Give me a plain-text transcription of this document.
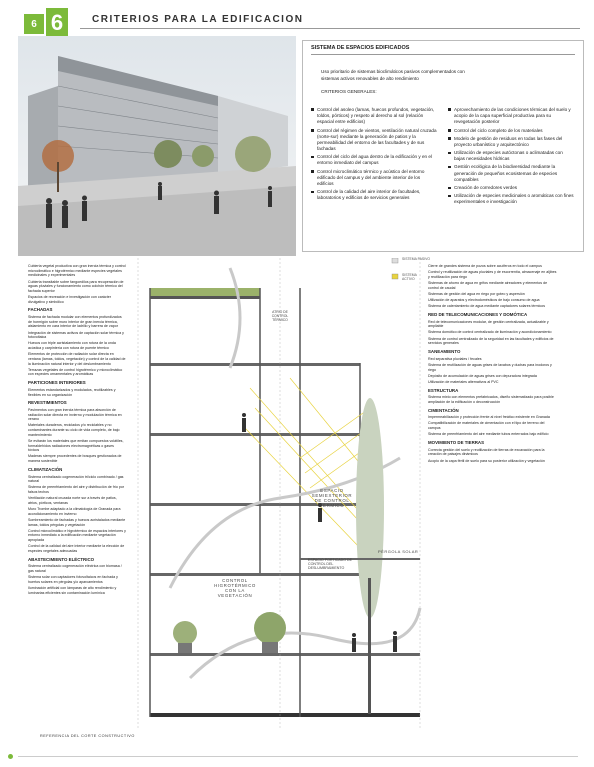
6 6	CRITERIOS PARA LA EDIFICACION
SISTEMA DE ESPACIOS EDIFICADOS
Uso prioritario de sistemas bioclimáticos pasivos complementados con sistemas activos renovables de alto rendimiento
CRITERIOS GENERALES:
Control del asoleo (lamas, huecos profundos, vegetación, toldos, pórticos) y respeto al derecho al sol (relación espacial entre edificios)
Control del régimen de vientos, ventilación natural cruzada (norte-sur) mediante la generación de patios y la permeabilidad del entorno de las facultades y de sus fachadas
Control del ciclo del agua dentro de la edificación y en el entorno inmediato del campus
Control microclimático térmico y acústico del entorno edificado del campus y del ambiente interior de los edificios
Control de la calidad del aire interior de facultades, laboratorios y edificios de servicios generales
Aprovechamiento de las condiciones térmicas del suelo y acopio de la capa superficial productiva para su revegetación posterior
Control del ciclo completo de los materiales
Modelo de gestión de residuos en todas las fases del proyecto urbanístico y arquitectónico
Utilización de especies autóctonas o aclimatadas con bajas necesidades hídricas
Gestión ecológica de la biodiversidad mediante la generación de pequeños ecosistemas de especies compatibles
Creación de corredores verdes
Utilización de especies medicinales o aromáticas con fines experimentales e investigación
Cubierta vegetal productiva con gran inercia térmica y control microclimático e higrotérmico mediante especies vegetales medicinales y experimentales
Cubierta transitable sobre fangoedilos para recuperación de aguas pluviales y funcionamiento como colchón térmico del fachada superior
Espacios de recreación e investigación con carácter divulgativo y simbólico
FACHADAS
Sistema de fachada modular con elementos profundizados de hormigón sobre muro interior de gran inercia térmica, aislamiento en cara interior de ladrillo y barrera de vapor
Integración de sistemas activos de captación solar térmica y fotovoltaica
Huecos con triple acristalamiento con rotura de la onda acústica y carpintería con rotura de puente térmico
Elementos de protección de radiación solar directa en ventana (lamas, toldos, vegetación) y control de la calidad de la iluminación natural interior y del deslumbramiento
Terrazas vegetales de control higrotérmico y microclimático con especies ornamentales y aromáticas
PARTICIONES INTERIORES
Elementos estandarizados y modulados, reutilizables y flexibles en su organización
REVESTIMIENTOS
Pavimentos con gran inercia térmica para absorción de radiación solar directa en invierno y modulación térmica en verano
Materiales duraderos, reciclados y/o reciclables y no contaminantes durante su ciclo de vida completo, de bajo mantenimiento
Se evitarán los materiales que emitan compuestos volátiles, formaldehídos radiaciones electromagnéticas o gases tóxicos
Maderas siempre procedentes de bosques gestionados de manera sostenible
CLIMATIZACIÓN
Sistema centralizado cogeneración tri/ciclo combinado / gas natural
Sistema de preenfriamiento del aire y distribución de frío por falsos techos
Ventilación natural cruzada norte sur a través de patios, atrios, pórticos, ventanas
Muro Trombe adaptado a la climatología de Granada para acondicionamiento en invierno
Sombreamiento de fachadas y huecos acristalados mediante lamas, toldos pérgolas y vegetación
Control microclimático e higrotérmico de espacios interiores y entorno inmediato a la edificación mediante vegetación apropiada
Control de la calidad del aire interior mediante la elección de especies vegetales adecuadas
ABASTECIMIENTO ELÉCTRICO
Sistema centralizado cogeneración eléctrica con biomasa / gas natural
Sistema solar con captadores fotovoltaicos en fachada y huertos solares en pérgolas y/o aparcamientos
Iluminación artificial con lámparas de alto rendimiento y luminarias eficientes sin contaminación lumínica
SISTEMA PASIVO
SISTEMA ACTIVO
ATRIO DE CONTROL TÉRMICO
ESPACIO SEMIEXTERIOR DE CONTROL TÉRMICO
CONTROL HIGROTÉRMICO CON LA VEGETACIÓN
ESPACIO PORTICADO DE CONTROL DEL DESLUMBRAMIENTO
PÉRGOLA SOLAR
Cierre de grandes sistema de pozos sobre acuíferos en todo el campus
Control y reutilización de aguas pluviales y de escorrentía, almacenaje en aljibes y reutilización para riego
Sistemas de ahorro de agua en grifos mediante aireadores y elementos de control de caudal
Sistemas de gestión del agua en riego por goteo y aspersión
Utilización de aparatos y electrodomésticos de bajo consumo de agua
Sistema de calentamiento de agua mediante captadores solares térmicos
RED DE TELECOMUNICACIONES Y DOMÓTICA
Red de telecomunicaciones modular, de gestión centralizada, actualizable y ampliable
Sistema domótico de control centralizado de iluminación y acondicionamiento
Sistema de control centralizado de la seguridad en las facultades y edificios de servicios generales
SANEAMIENTO
Red separativa pluviales / fecales
Sistema de reutilización de aguas grises de lavabos y duchas para inodoros y riego
Depósito de acumulación de aguas grises con depuradora integrada
Utilización de materiales alternativos al PVC
ESTRUCTURA
Sistema mixto con elementos prefabricados, diseño sistematizado para posible ampliación de la edificación o deconstrucción
CIMENTACIÓN
Impermeabilización y protección frente al nivel freático existente en Granada
Compatibilización de materiales de cimentación con el tipo de terreno del campus
Sistema de preenfriamiento del aire mediante tubos enterrados bajo edificio
MOVIMIENTO DE TIERRAS
Correcta gestión del suelo y reutilización de tierras de excavación para la creación de paisajes dinámicos
Acopio de la capa fértil de suelo para su posterior utilización y vegetación
REFERENCIA DEL CORTE CONSTRUCTIVO
